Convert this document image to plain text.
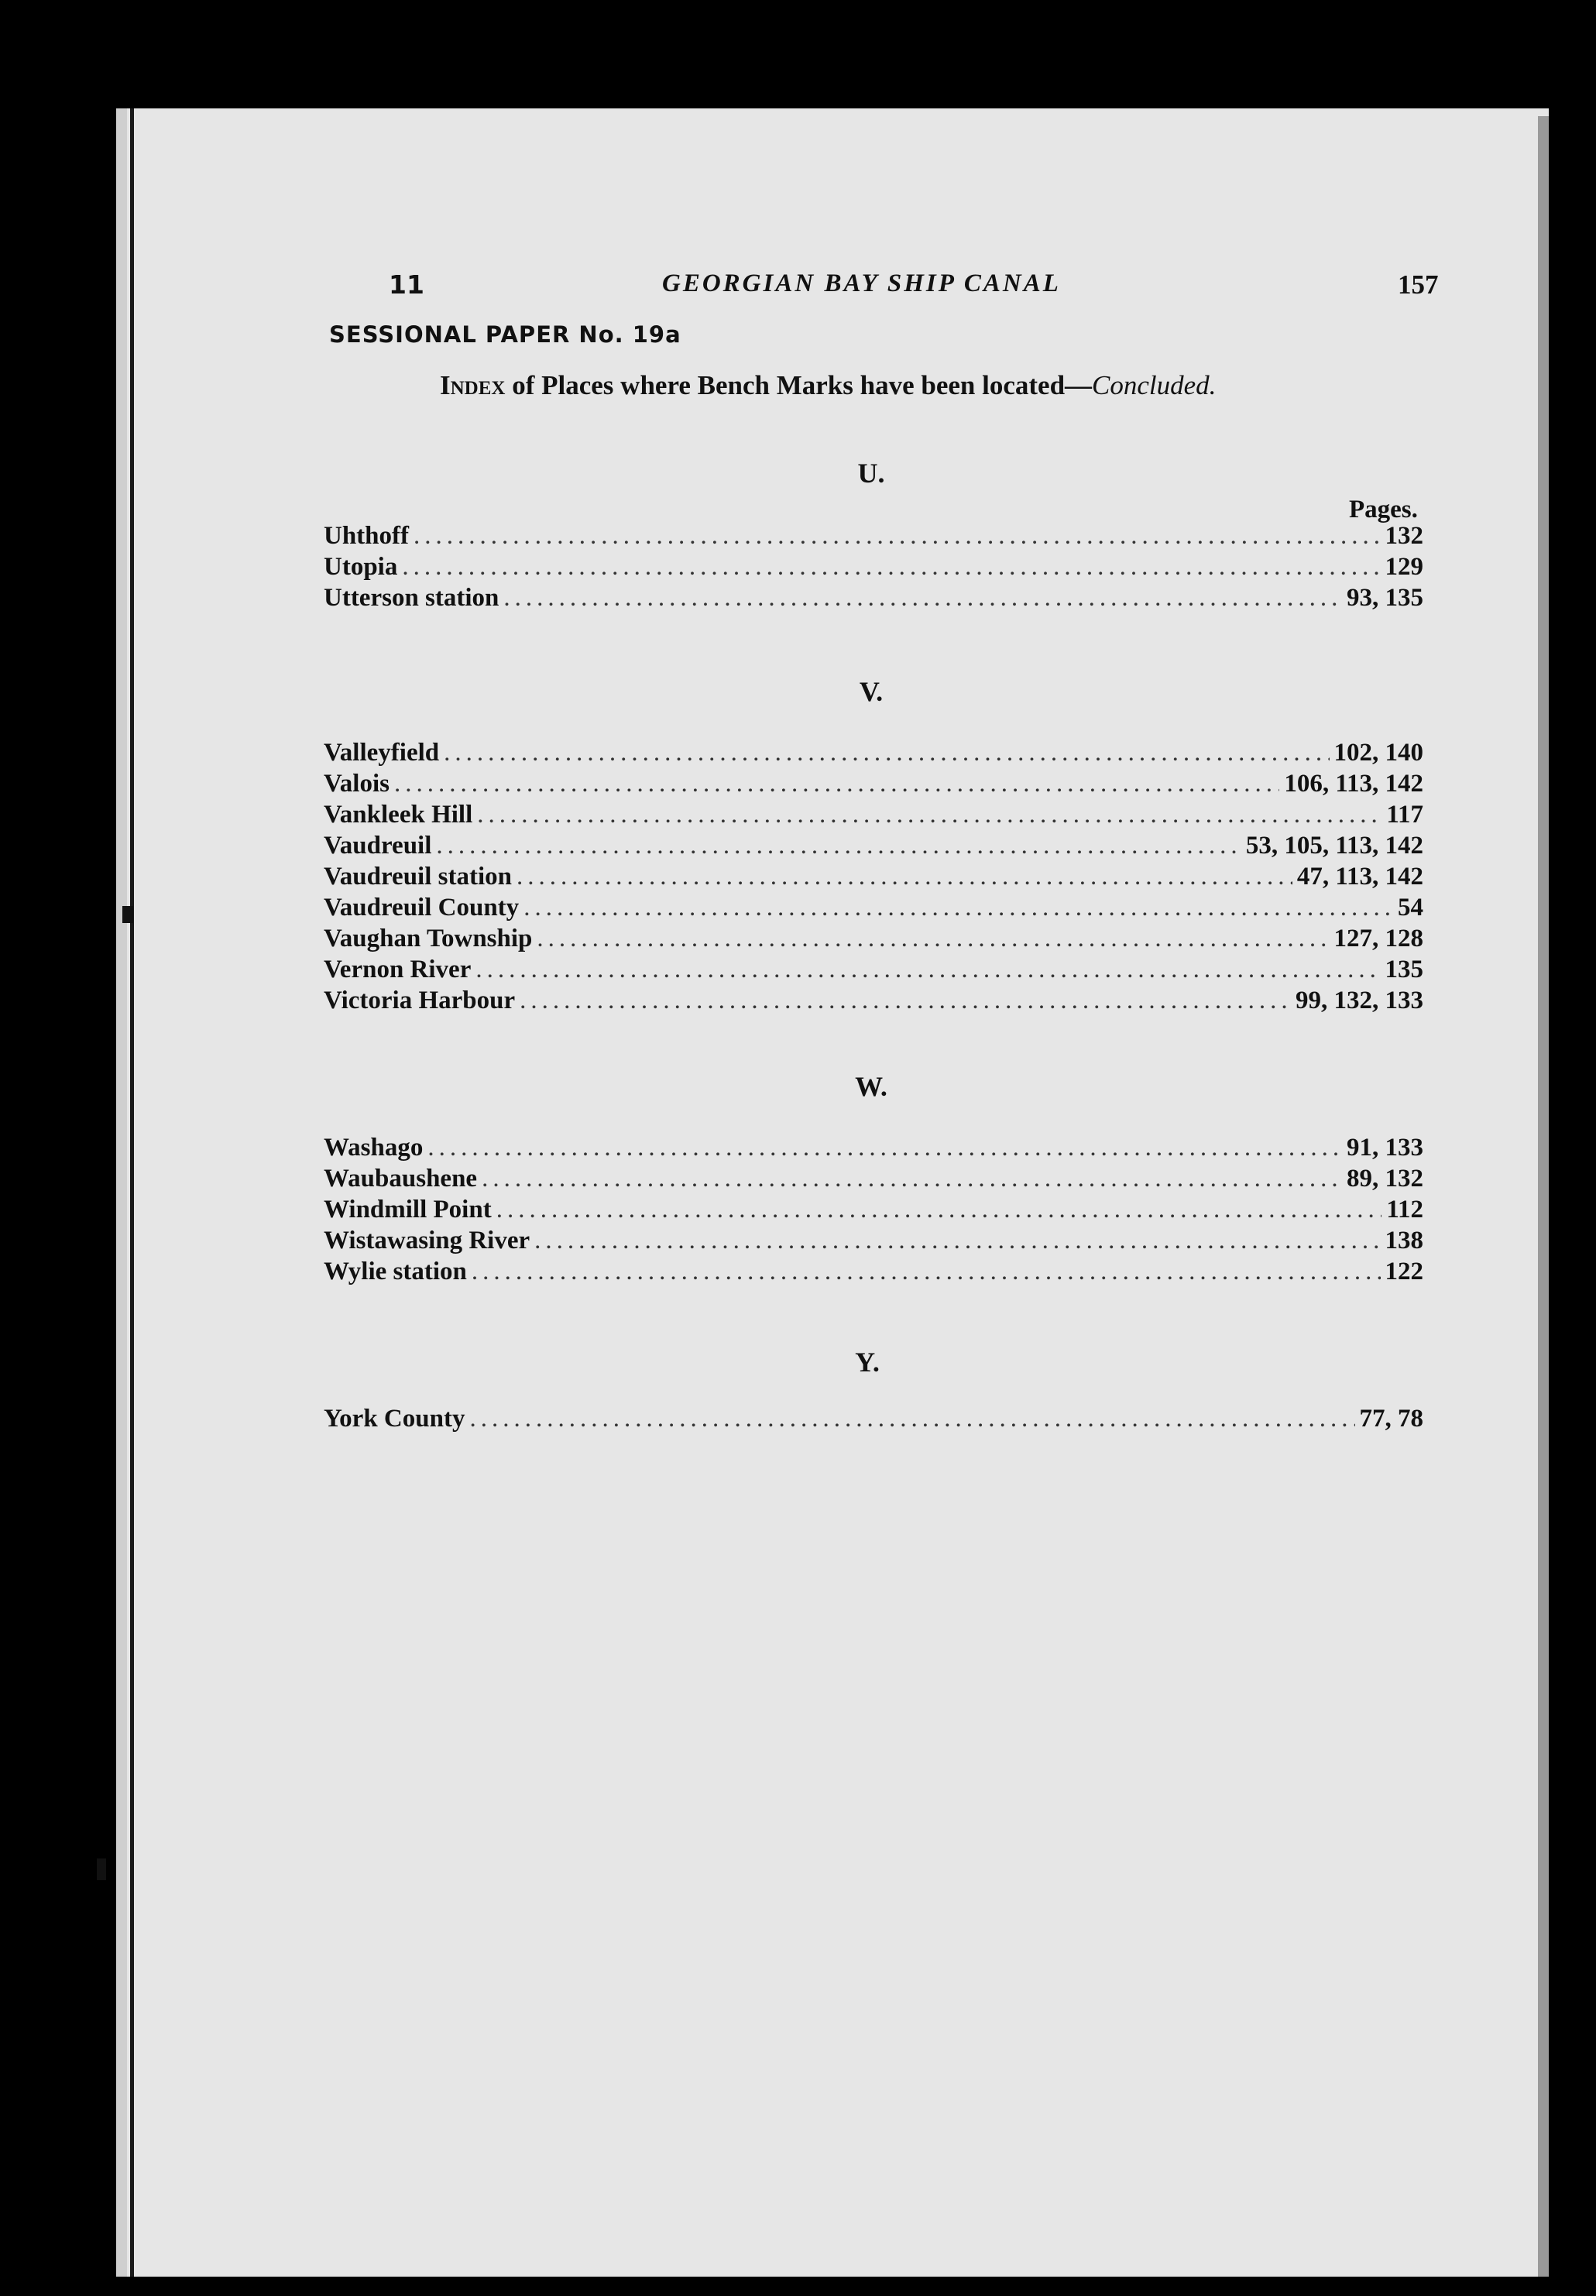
11	GEORGIAN BAY SHIP CANAL	157
SESSIONAL PAPER No. 19a
Index of Places where Bench Marks have been located—Concluded.
U.
Pages.
Uhthoff .....	132
Utopia .....	129
Utterson station .....	93, 135
V.
Valleyfield .....	102, 140
Valois .....	106, 113, 142
Vankleek Hill .....	117
Vaudreuil .....	53, 105, 113, 142
Vaudreuil station .....	47, 113, 142
Vaudreuil County .....	54
Vaughan Township .....	127, 128
Vernon River .....	135
Victoria Harbour .....	99, 132, 133
W.
Washago .....	91, 133
Waubaushene .....	89, 132
Windmill Point .....	112
Wistawasing River .....	138
Wylie station .....	122
Y.
York County .....	77, 78
